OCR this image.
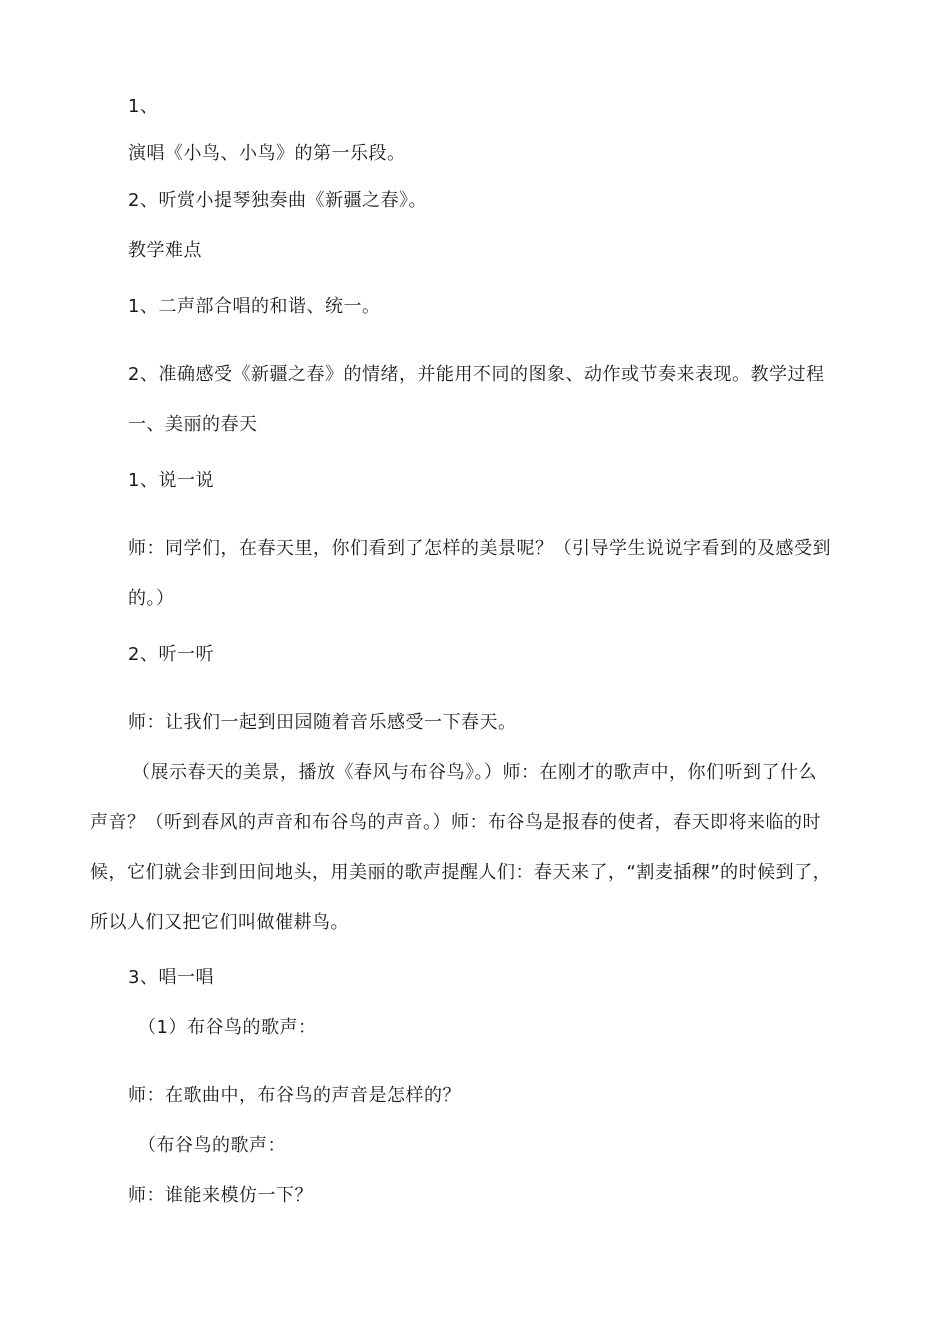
1、
演唱《小鸟、小鸟》的第一乐段。
2、听赏小提琴独奏曲《新疆之春》。
教学难点
1、二声部合唱的和谐、统一。
2、准确感受《新疆之春》的情绪，并能用不同的图象、动作或节奏来表现。教学过程
一、美丽的春天
1、说一说
师：同学们，在春天里，你们看到了怎样的美景呢？（引导学生说说字看到的及感受到
的。）
2、听一听
师：让我们一起到田园随着音乐感受一下春天。
（展示春天的美景，播放《春风与布谷鸟》。）师：在刚才的歌声中，你们听到了什么
声音？（听到春风的声音和布谷鸟的声音。）师：布谷鸟是报春的使者，春天即将来临的时
候，它们就会非到田间地头，用美丽的歌声提醒人们：春天来了，“割麦插稞”的时候到了，
所以人们又把它们叫做催耕鸟。
3、唱一唱
（1）布谷鸟的歌声：
师：在歌曲中，布谷鸟的声音是怎样的？
（布谷鸟的歌声：
师：谁能来模仿一下？
